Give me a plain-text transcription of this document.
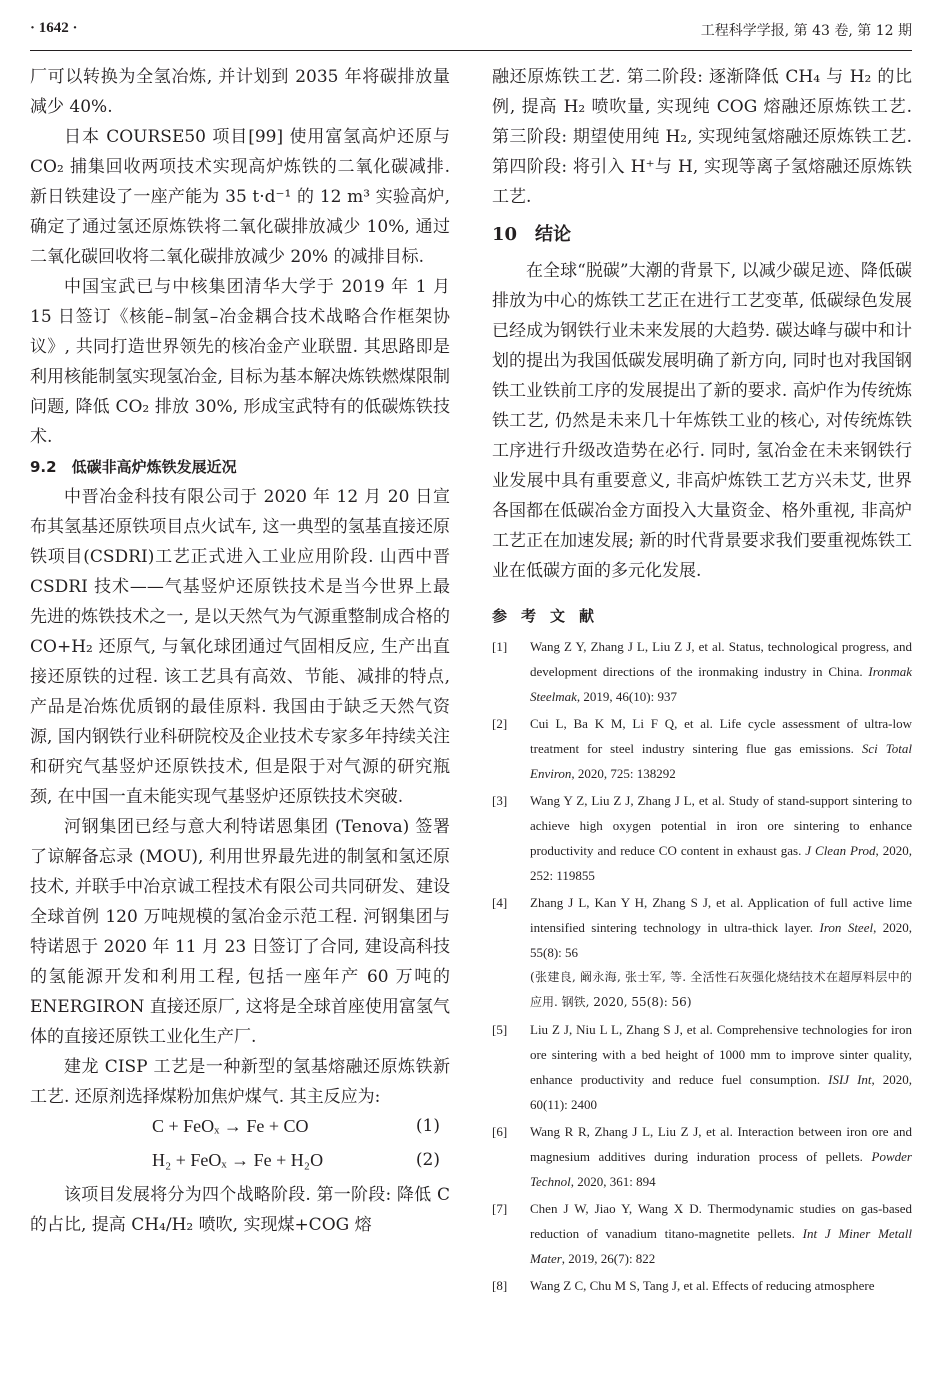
· 1642 ·	工程科学学报, 第 43 卷, 第 12 期

厂可以转换为全氢冶炼, 并计划到 2035 年将碳排放量减少 40%.

日本 COURSE50 项目[99] 使用富氢高炉还原与 CO₂ 捕集回收两项技术实现高炉炼铁的二氧化碳减排. 新日铁建设了一座产能为 35 t·d⁻¹ 的 12 m³ 实验高炉, 确定了通过氢还原炼铁将二氧化碳排放减少 10%, 通过二氧化碳回收将二氧化碳排放减少 20% 的减排目标.

中国宝武已与中核集团清华大学于 2019 年 1 月 15 日签订《核能–制氢–冶金耦合技术战略合作框架协议》, 共同打造世界领先的核冶金产业联盟. 其思路即是利用核能制氢实现氢冶金, 目标为基本解决炼铁燃煤限制问题, 降低 CO₂ 排放 30%, 形成宝武特有的低碳炼铁技术.

9.2　低碳非高炉炼铁发展近况

中晋冶金科技有限公司于 2020 年 12 月 20 日宣布其氢基还原铁项目点火试车, 这一典型的氢基直接还原铁项目(CSDRI)工艺正式进入工业应用阶段. 山西中晋 CSDRI 技术——气基竖炉还原铁技术是当今世界上最先进的炼铁技术之一, 是以天然气为气源重整制成合格的 CO+H₂ 还原气, 与氧化球团通过气固相反应, 生产出直接还原铁的过程. 该工艺具有高效、节能、减排的特点, 产品是冶炼优质钢的最佳原料. 我国由于缺乏天然气资源, 国内钢铁行业科研院校及企业技术专家多年持续关注和研究气基竖炉还原铁技术, 但是限于对气源的研究瓶颈, 在中国一直未能实现气基竖炉还原铁技术突破.

河钢集团已经与意大利特诺恩集团 (Tenova) 签署了谅解备忘录 (MOU), 利用世界最先进的制氢和氢还原技术, 并联手中冶京诚工程技术有限公司共同研发、建设全球首例 120 万吨规模的氢冶金示范工程. 河钢集团与特诺恩于 2020 年 11 月 23 日签订了合同, 建设高科技的氢能源开发和利用工程, 包括一座年产 60 万吨的 ENERGIRON 直接还原厂, 这将是全球首座使用富氢气体的直接还原铁工业化生产厂.

建龙 CISP 工艺是一种新型的氢基熔融还原炼铁新工艺. 还原剂选择煤粉加焦炉煤气. 其主反应为:

C + FeOₓ → Fe + CO	(1)
H₂ + FeOₓ → Fe + H₂O	(2)

该项目发展将分为四个战略阶段. 第一阶段: 降低 C 的占比, 提高 CH₄/H₂ 喷吹, 实现煤+COG 熔

融还原炼铁工艺. 第二阶段: 逐渐降低 CH₄ 与 H₂ 的比例, 提高 H₂ 喷吹量, 实现纯 COG 熔融还原炼铁工艺. 第三阶段: 期望使用纯 H₂, 实现纯氢熔融还原炼铁工艺. 第四阶段: 将引入 H⁺与 H, 实现等离子氢熔融还原炼铁工艺.

10　结论

在全球“脱碳”大潮的背景下, 以减少碳足迹、降低碳排放为中心的炼铁工艺正在进行工艺变革, 低碳绿色发展已经成为钢铁行业未来发展的大趋势. 碳达峰与碳中和计划的提出为我国低碳发展明确了新方向, 同时也对我国钢铁工业铁前工序的发展提出了新的要求. 高炉作为传统炼铁工艺, 仍然是未来几十年炼铁工业的核心, 对传统炼铁工序进行升级改造势在必行. 同时, 氢冶金在未来钢铁行业发展中具有重要意义, 非高炉炼铁工艺方兴未艾, 世界各国都在低碳冶金方面投入大量资金、格外重视, 非高炉工艺正在加速发展; 新的时代背景要求我们要重视炼铁工业在低碳方面的多元化发展.

参考文献
[1] Wang Z Y, Zhang J L, Liu Z J, et al. Status, technological progress, and development directions of the ironmaking industry in China. Ironmak Steelmak, 2019, 46(10): 937
[2] Cui L, Ba K M, Li F Q, et al. Life cycle assessment of ultra-low treatment for steel industry sintering flue gas emissions. Sci Total Environ, 2020, 725: 138292
[3] Wang Y Z, Liu Z J, Zhang J L, et al. Study of stand-support sintering to achieve high oxygen potential in iron ore sintering to enhance productivity and reduce CO content in exhaust gas. J Clean Prod, 2020, 252: 119855
[4] Zhang J L, Kan Y H, Zhang S J, et al. Application of full active lime intensified sintering technology in ultra-thick layer. Iron Steel, 2020, 55(8): 56
(张建良, 阚永海, 张士军, 等. 全活性石灰强化烧结技术在超厚料层中的应用. 钢铁, 2020, 55(8): 56)
[5] Liu Z J, Niu L L, Zhang S J, et al. Comprehensive technologies for iron ore sintering with a bed height of 1000 mm to improve sinter quality, enhance productivity and reduce fuel consumption. ISIJ Int, 2020, 60(11): 2400
[6] Wang R R, Zhang J L, Liu Z J, et al. Interaction between iron ore and magnesium additives during induration process of pellets. Powder Technol, 2020, 361: 894
[7] Chen J W, Jiao Y, Wang X D. Thermodynamic studies on gas-based reduction of vanadium titano-magnetite pellets. Int J Miner Metall Mater, 2019, 26(7): 822
[8] Wang Z C, Chu M S, Tang J, et al. Effects of reducing atmosphere
